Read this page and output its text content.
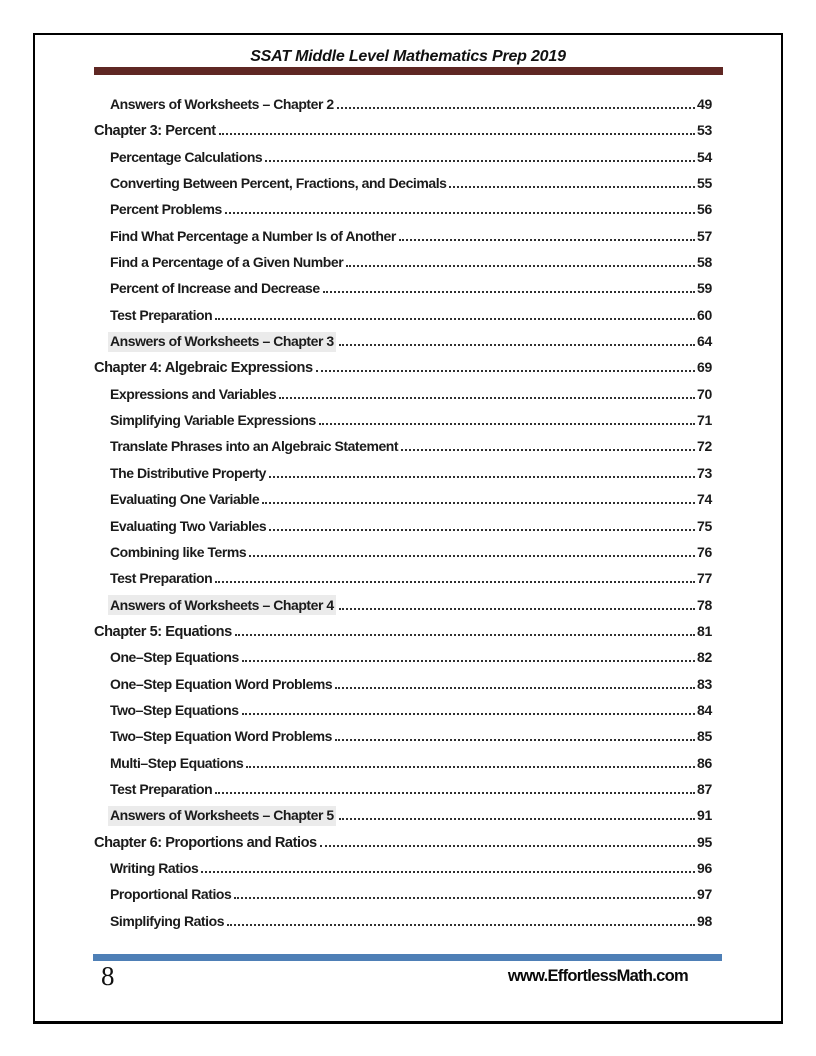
SSAT Middle Level Mathematics Prep 2019
Answers of Worksheets – Chapter 2	49
Chapter 3: Percent	53
Percentage Calculations	54
Converting Between Percent, Fractions, and Decimals	55
Percent Problems	56
Find What Percentage a Number Is of Another	57
Find a Percentage of a Given Number	58
Percent of Increase and Decrease	59
Test Preparation	60
Answers of Worksheets – Chapter 3	64
Chapter 4: Algebraic Expressions	69
Expressions and Variables	70
Simplifying Variable Expressions	71
Translate Phrases into an Algebraic Statement	72
The Distributive Property	73
Evaluating One Variable	74
Evaluating Two Variables	75
Combining like Terms	76
Test Preparation	77
Answers of Worksheets – Chapter 4	78
Chapter 5: Equations	81
One–Step Equations	82
One–Step Equation Word Problems	83
Two–Step Equations	84
Two–Step Equation Word Problems	85
Multi–Step Equations	86
Test Preparation	87
Answers of Worksheets – Chapter 5	91
Chapter 6: Proportions and Ratios	95
Writing Ratios	96
Proportional Ratios	97
Simplifying Ratios	98
8	www.EffortlessMath.com
